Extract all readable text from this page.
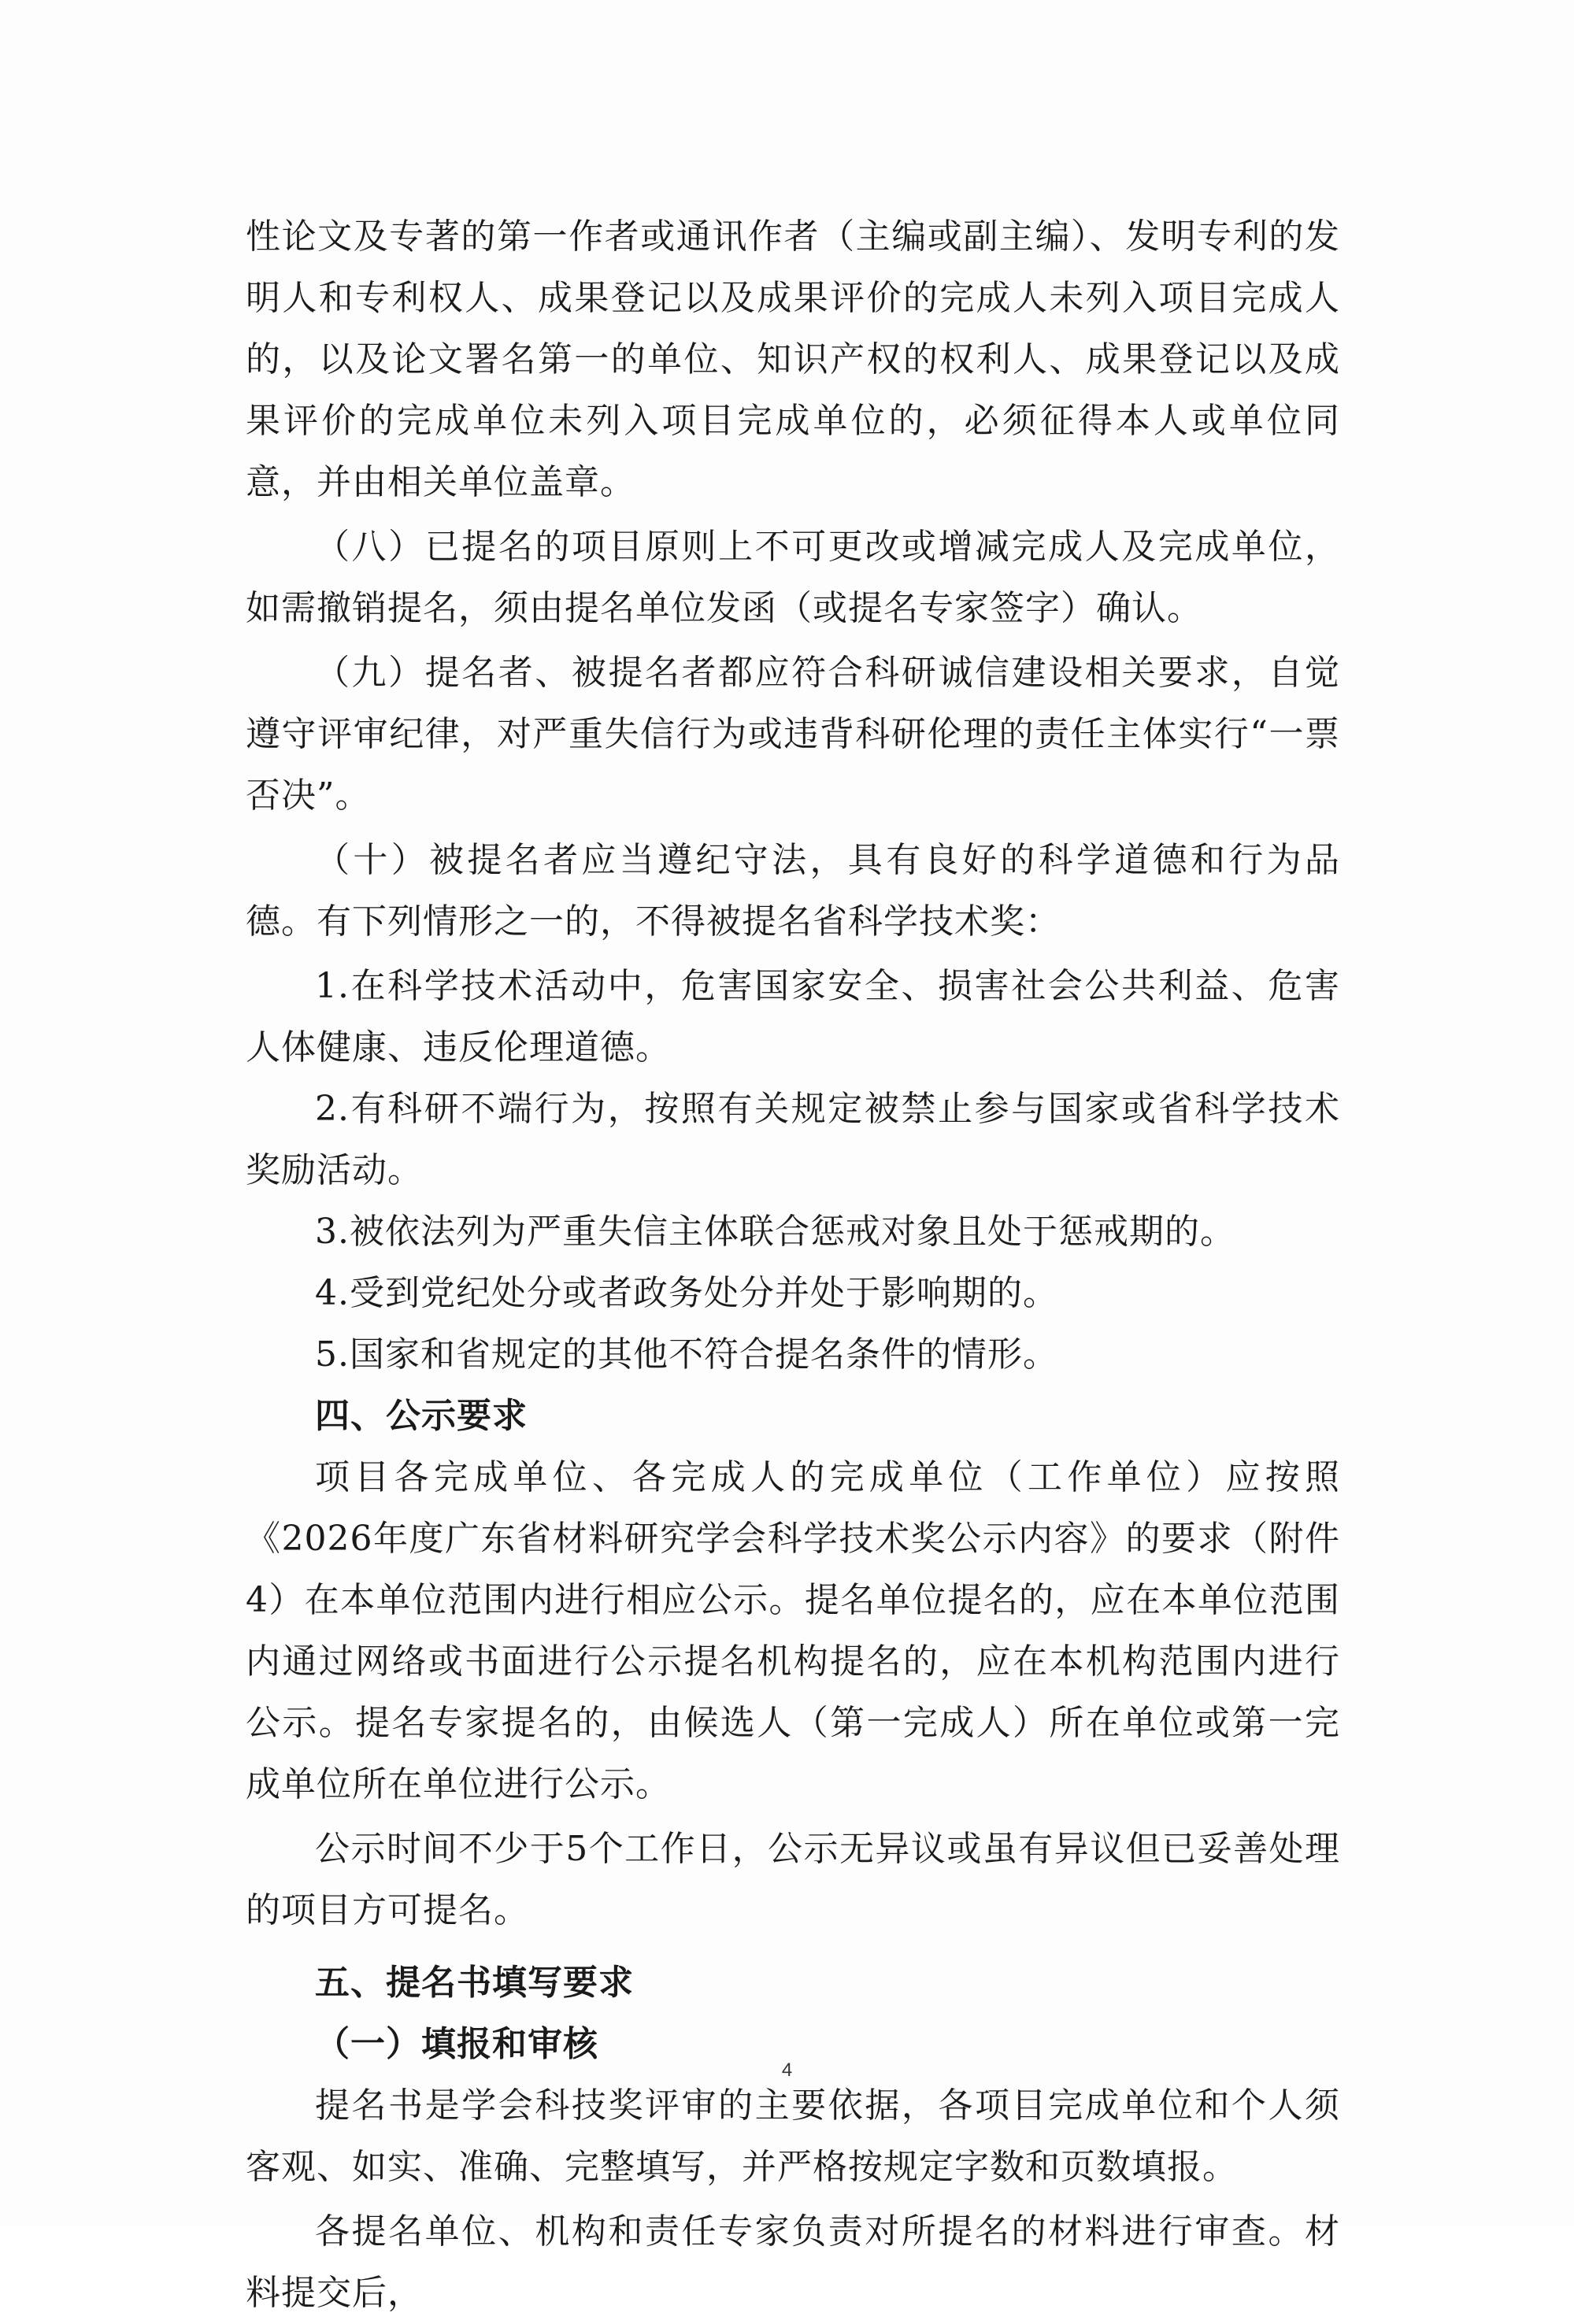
性论文及专著的第一作者或通讯作者（主编或副主编）、发明专利的发明人和专利权人、成果登记以及成果评价的完成人未列入项目完成人的，以及论文署名第一的单位、知识产权的权利人、成果登记以及成果评价的完成单位未列入项目完成单位的，必须征得本人或单位同意，并由相关单位盖章。

（八）已提名的项目原则上不可更改或增减完成人及完成单位，如需撤销提名，须由提名单位发函（或提名专家签字）确认。

（九）提名者、被提名者都应符合科研诚信建设相关要求，自觉遵守评审纪律，对严重失信行为或违背科研伦理的责任主体实行“一票否决”。

（十）被提名者应当遵纪守法，具有良好的科学道德和行为品德。有下列情形之一的，不得被提名省科学技术奖：

1.在科学技术活动中，危害国家安全、损害社会公共利益、危害人体健康、违反伦理道德。

2.有科研不端行为，按照有关规定被禁止参与国家或省科学技术奖励活动。

3.被依法列为严重失信主体联合惩戒对象且处于惩戒期的。

4.受到党纪处分或者政务处分并处于影响期的。

5.国家和省规定的其他不符合提名条件的情形。

四、公示要求

项目各完成单位、各完成人的完成单位（工作单位）应按照《2026年度广东省材料研究学会科学技术奖公示内容》的要求（附件4）在本单位范围内进行相应公示。提名单位提名的，应在本单位范围内通过网络或书面进行公示提名机构提名的，应在本机构范围内进行公示。提名专家提名的，由候选人（第一完成人）所在单位或第一完成单位所在单位进行公示。

公示时间不少于5个工作日，公示无异议或虽有异议但已妥善处理的项目方可提名。

五、提名书填写要求

（一）填报和审核

提名书是学会科技奖评审的主要依据，各项目完成单位和个人须客观、如实、准确、完整填写，并严格按规定字数和页数填报。

各提名单位、机构和责任专家负责对所提名的材料进行审查。材料提交后，

4
